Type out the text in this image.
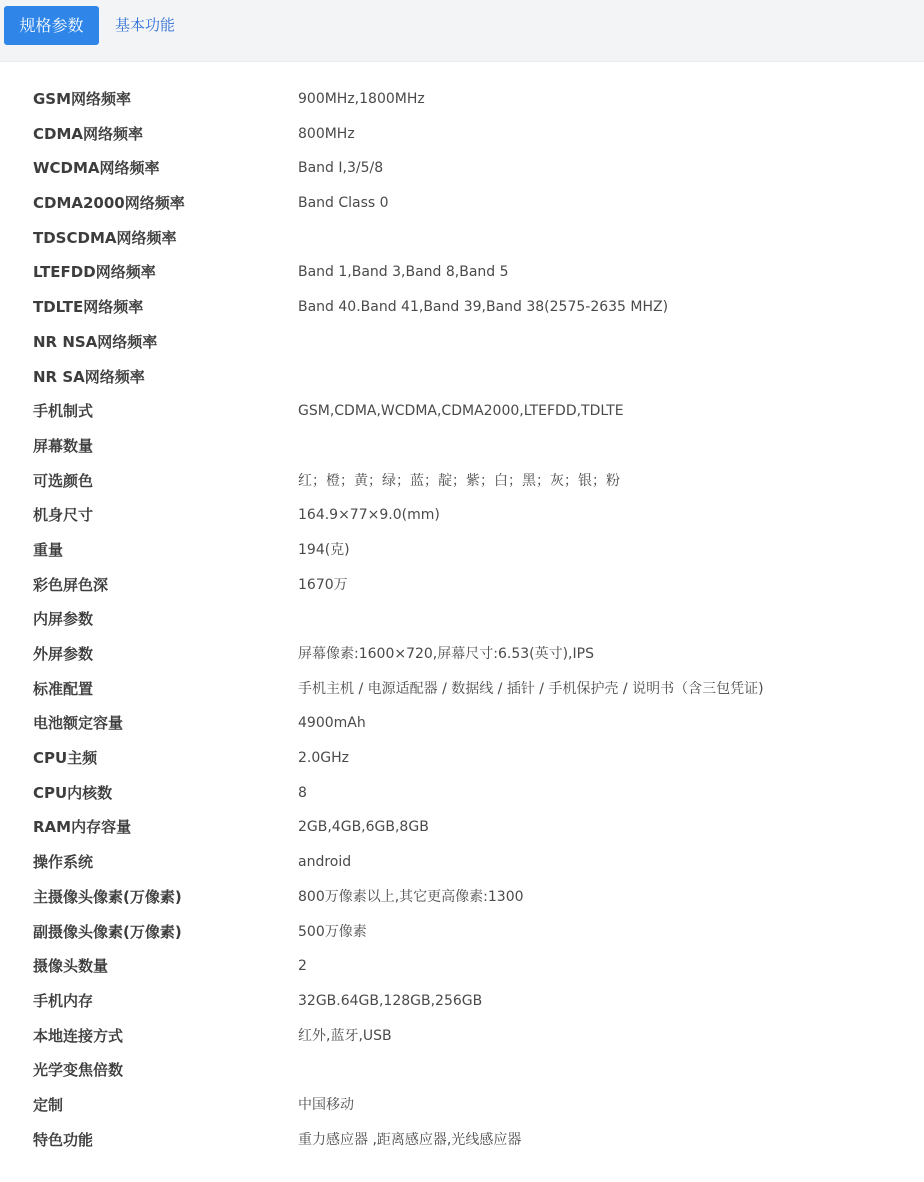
规格参数	基本功能
GSM网络频率	900MHz,1800MHz
CDMA网络频率	800MHz
WCDMA网络频率	Band Ⅰ,3/5/8
CDMA2000网络频率	Band Class 0
TDSCDMA网络频率
LTEFDD网络频率	Band 1,Band 3,Band 8,Band 5
TDLTE网络频率	Band 40.Band 41,Band 39,Band 38(2575-2635 MHZ)
NR NSA网络频率
NR SA网络频率
手机制式	GSM,CDMA,WCDMA,CDMA2000,LTEFDD,TDLTE
屏幕数量
可选颜色	红；橙；黄；绿；蓝；靛；紫；白；黑；灰；银；粉
机身尺寸	164.9×77×9.0(mm)
重量	194(克)
彩色屏色深	1670万
内屏参数
外屏参数	屏幕像素:1600×720,屏幕尺寸:6.53(英寸),IPS
标准配置	手机主机 / 电源适配器 / 数据线 / 插针 / 手机保护壳 / 说明书（含三包凭证)
电池额定容量	4900mAh
CPU主频	2.0GHz
CPU内核数	8
RAM内存容量	2GB,4GB,6GB,8GB
操作系统	android
主摄像头像素(万像素)	800万像素以上,其它更高像素:1300
副摄像头像素(万像素)	500万像素
摄像头数量	2
手机内存	32GB.64GB,128GB,256GB
本地连接方式	红外,蓝牙,USB
光学变焦倍数
定制	中国移动
特色功能	重力感应器 ,距离感应器,光线感应器
